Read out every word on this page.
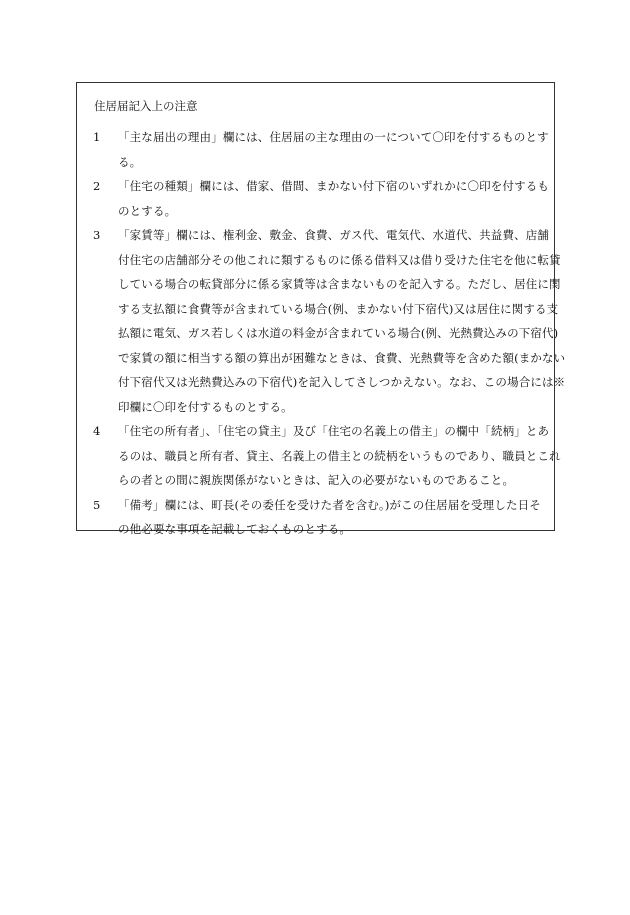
住居届記入上の注意
1 「主な届出の理由」欄には、住居届の主な理由の一について〇印を付するものとす
る。
2 「住宅の種類」欄には、借家、借間、まかない付下宿のいずれかに〇印を付するも
のとする。
3 「家賃等」欄には、権利金、敷金、食費、ガス代、電気代、水道代、共益費、店舗
付住宅の店舗部分その他これに類するものに係る借料又は借り受けた住宅を他に転貸
している場合の転貸部分に係る家賃等は含まないものを記入する。ただし、居住に関
する支払額に食費等が含まれている場合(例、まかない付下宿代)又は居住に関する支
払額に電気、ガス若しくは水道の料金が含まれている場合(例、光熱費込みの下宿代)
で家賃の額に相当する額の算出が困難なときは、食費、光熱費等を含めた額(まかない
付下宿代又は光熱費込みの下宿代)を記入してさしつかえない。なお、この場合には※
印欄に〇印を付するものとする。
4 「住宅の所有者」、「住宅の貸主」及び「住宅の名義上の借主」の欄中「続柄」とあ
るのは、職員と所有者、貸主、名義上の借主との続柄をいうものであり、職員とこれ
らの者との間に親族関係がないときは、記入の必要がないものであること。
5 「備考」欄には、町長(その委任を受けた者を含む。)がこの住居届を受理した日そ
の他必要な事項を記載しておくものとする。
